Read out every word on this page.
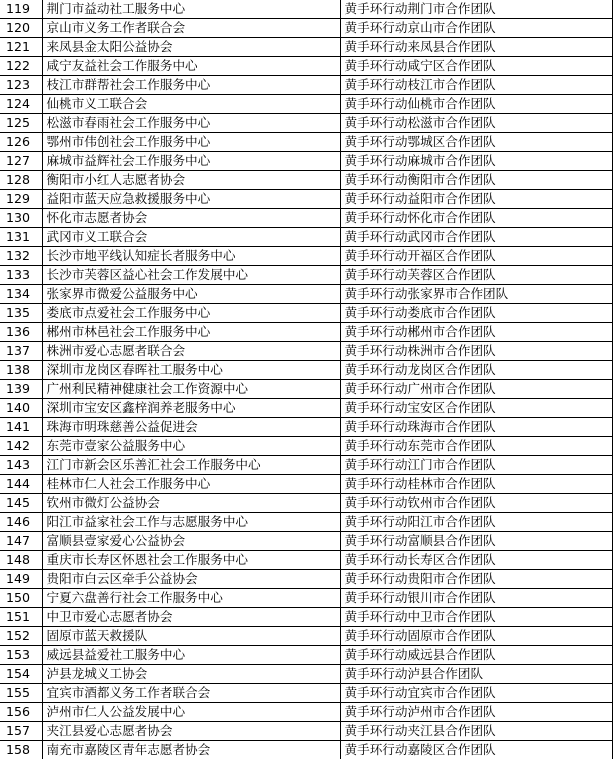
119	荆门市益动社工服务中心	黄手环行动荆门市合作团队
120	京山市义务工作者联合会	黄手环行动京山市合作团队
121	来凤县金太阳公益协会	黄手环行动来凤县合作团队
122	咸宁友益社会工作服务中心	黄手环行动咸宁区合作团队
123	枝江市群帮社会工作服务中心	黄手环行动枝江市合作团队
124	仙桃市义工联合会	黄手环行动仙桃市合作团队
125	松滋市春雨社会工作服务中心	黄手环行动松滋市合作团队
126	鄂州市伟创社会工作服务中心	黄手环行动鄂城区合作团队
127	麻城市益辉社会工作服务中心	黄手环行动麻城市合作团队
128	衡阳市小红人志愿者协会	黄手环行动衡阳市合作团队
129	益阳市蓝天应急救援服务中心	黄手环行动益阳市合作团队
130	怀化市志愿者协会	黄手环行动怀化市合作团队
131	武冈市义工联合会	黄手环行动武冈市合作团队
132	长沙市地平线认知症长者服务中心	黄手环行动开福区合作团队
133	长沙市芙蓉区益心社会工作发展中心	黄手环行动芙蓉区合作团队
134	张家界市微爱公益服务中心	黄手环行动张家界市合作团队
135	娄底市点爱社会工作服务中心	黄手环行动娄底市合作团队
136	郴州市林邑社会工作服务中心	黄手环行动郴州市合作团队
137	株洲市爱心志愿者联合会	黄手环行动株洲市合作团队
138	深圳市龙岗区春晖社工服务中心	黄手环行动龙岗区合作团队
139	广州利民精神健康社会工作资源中心	黄手环行动广州市合作团队
140	深圳市宝安区鑫梓润养老服务中心	黄手环行动宝安区合作团队
141	珠海市明珠慈善公益促进会	黄手环行动珠海市合作团队
142	东莞市壹家公益服务中心	黄手环行动东莞市合作团队
143	江门市新会区乐善汇社会工作服务中心	黄手环行动江门市合作团队
144	桂林市仁人社会工作服务中心	黄手环行动桂林市合作团队
145	钦州市微灯公益协会	黄手环行动钦州市合作团队
146	阳江市益家社会工作与志愿服务中心	黄手环行动阳江市合作团队
147	富顺县壹家爱心公益协会	黄手环行动富顺县合作团队
148	重庆市长寿区怀恩社会工作服务中心	黄手环行动长寿区合作团队
149	贵阳市白云区牵手公益协会	黄手环行动贵阳市合作团队
150	宁夏六盘善行社会工作服务中心	黄手环行动银川市合作团队
151	中卫市爱心志愿者协会	黄手环行动中卫市合作团队
152	固原市蓝天救援队	黄手环行动固原市合作团队
153	威远县益爱社工服务中心	黄手环行动威远县合作团队
154	泸县龙城义工协会	黄手环行动泸县合作团队
155	宜宾市酒都义务工作者联合会	黄手环行动宜宾市合作团队
156	泸州市仁人公益发展中心	黄手环行动泸州市合作团队
157	夹江县爱心志愿者协会	黄手环行动夹江县合作团队
158	南充市嘉陵区青年志愿者协会	黄手环行动嘉陵区合作团队
